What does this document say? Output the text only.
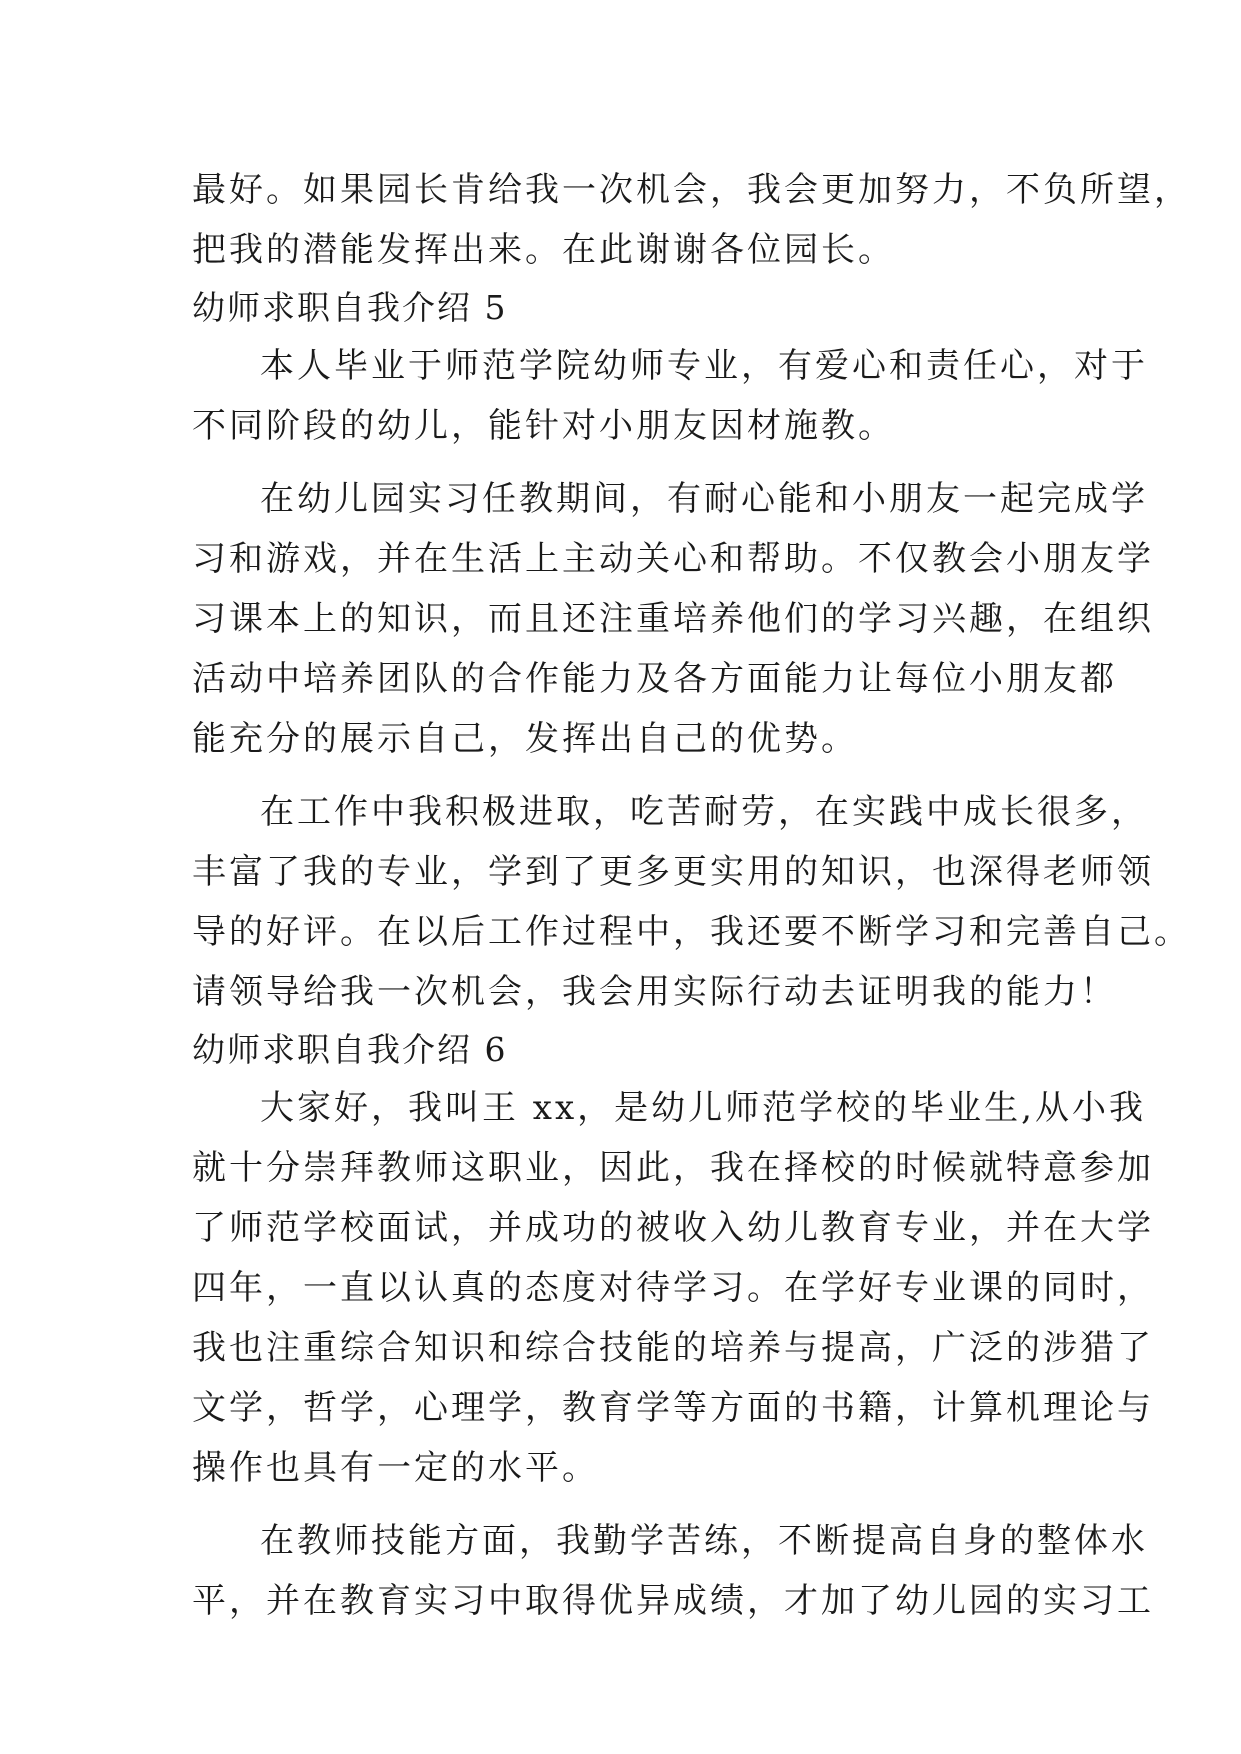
最好。如果园长肯给我一次机会，我会更加努力，不负所望，
把我的潜能发挥出来。在此谢谢各位园长。
幼师求职自我介绍 5
本人毕业于师范学院幼师专业，有爱心和责任心，对于
不同阶段的幼儿，能针对小朋友因材施教。
在幼儿园实习任教期间，有耐心能和小朋友一起完成学
习和游戏，并在生活上主动关心和帮助。不仅教会小朋友学
习课本上的知识，而且还注重培养他们的学习兴趣，在组织
活动中培养团队的合作能力及各方面能力让每位小朋友都
能充分的展示自己，发挥出自己的优势。
在工作中我积极进取，吃苦耐劳，在实践中成长很多，
丰富了我的专业，学到了更多更实用的知识，也深得老师领
导的好评。在以后工作过程中，我还要不断学习和完善自己。
请领导给我一次机会，我会用实际行动去证明我的能力！
幼师求职自我介绍 6
大家好，我叫王 xx，是幼儿师范学校的毕业生,从小我
就十分崇拜教师这职业，因此，我在择校的时候就特意参加
了师范学校面试，并成功的被收入幼儿教育专业，并在大学
四年，一直以认真的态度对待学习。在学好专业课的同时，
我也注重综合知识和综合技能的培养与提高，广泛的涉猎了
文学，哲学，心理学，教育学等方面的书籍，计算机理论与
操作也具有一定的水平。
在教师技能方面，我勤学苦练，不断提高自身的整体水
平，并在教育实习中取得优异成绩，才加了幼儿园的实习工
